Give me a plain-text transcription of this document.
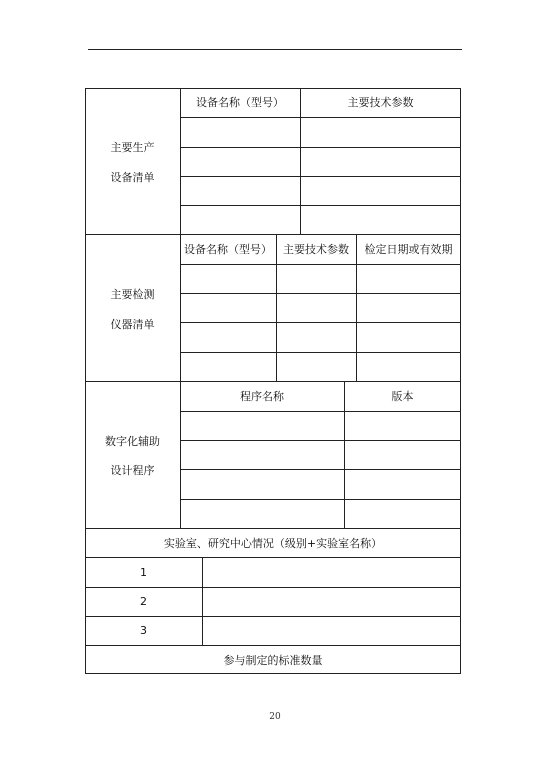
主要生产
设备清单
设备名称（型号）	主要技术参数
主要检测
仪器清单
设备名称（型号）	主要技术参数	检定日期或有效期
数字化辅助
设计程序
程序名称	版本
实验室、研究中心情况（级别+实验室名称）
1
2
3
参与制定的标准数量
20
